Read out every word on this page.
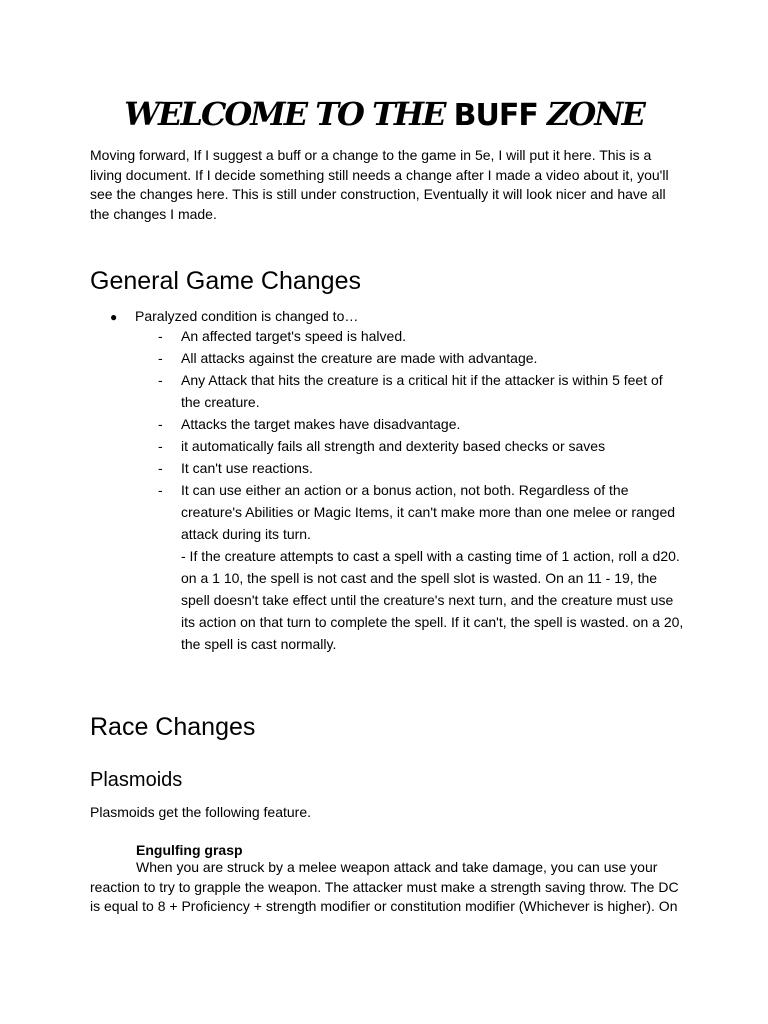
WELCOME TO THE BUFF ZONE

Moving forward, If I suggest a buff or a change to the game in 5e, I will put it here. This is a living document. If I decide something still needs a change after I made a video about it, you'll see the changes here. This is still under construction, Eventually it will look nicer and have all the changes I made.

General Game Changes
● Paralyzed condition is changed to…
- An affected target's speed is halved.
- All attacks against the creature are made with advantage.
- Any Attack that hits the creature is a critical hit if the attacker is within 5 feet of the creature.
- Attacks the target makes have disadvantage.
- it automatically fails all strength and dexterity based checks or saves
- It can't use reactions.
- It can use either an action or a bonus action, not both. Regardless of the creature's Abilities or Magic Items, it can't make more than one melee or ranged attack during its turn.
- If the creature attempts to cast a spell with a casting time of 1 action, roll a d20. on a 1 10, the spell is not cast and the spell slot is wasted. On an 11 - 19, the spell doesn't take effect until the creature's next turn, and the creature must use its action on that turn to complete the spell. If it can't, the spell is wasted. on a 20, the spell is cast normally.
Race Changes
Plasmoids

Plasmoids get the following feature.

Engulfing grasp

When you are struck by a melee weapon attack and take damage, you can use your reaction to try to grapple the weapon. The attacker must make a strength saving throw. The DC is equal to 8 + Proficiency + strength modifier or constitution modifier (Whichever is higher). On
